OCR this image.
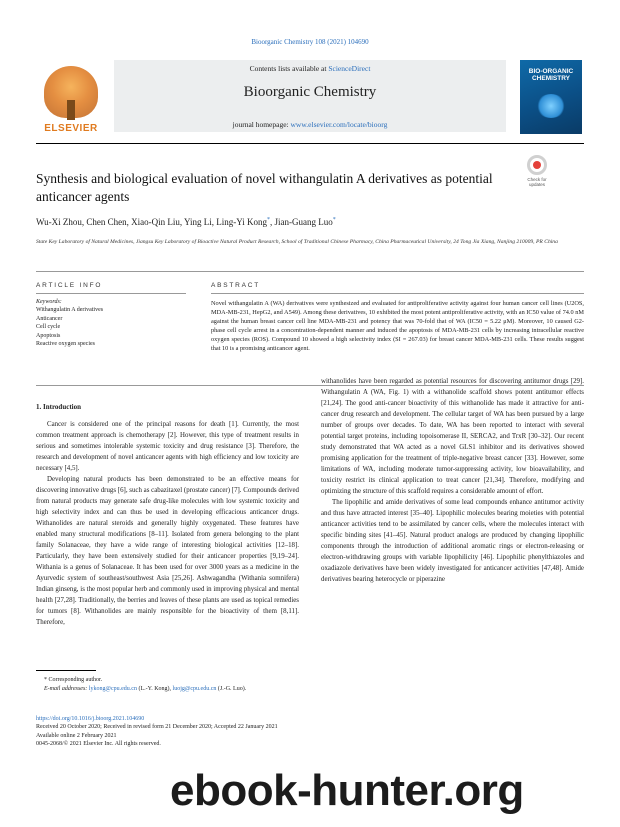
Bioorganic Chemistry 108 (2021) 104690
ELSEVIER
Contents lists available at ScienceDirect
Bioorganic Chemistry
journal homepage: www.elsevier.com/locate/bioorg
BIO-ORGANIC CHEMISTRY
Synthesis and biological evaluation of novel withangulatin A derivatives as potential anticancer agents
Check for updates
Wu-Xi Zhou, Chen Chen, Xiao-Qin Liu, Ying Li, Ling-Yi Kong*, Jian-Guang Luo*
State Key Laboratory of Natural Medicines, Jiangsu Key Laboratory of Bioactive Natural Product Research, School of Traditional Chinese Pharmacy, China Pharmaceutical University, 24 Tong Jia Xiang, Nanjing 210009, PR China
ARTICLE INFO	ABSTRACT
Keywords:
Withangulatin A derivatives
Anticancer
Cell cycle
Apoptosis
Reactive oxygen species
Novel withangulatin A (WA) derivatives were synthesized and evaluated for antiproliferative activity against four human cancer cell lines (U2OS, MDA-MB-231, HepG2, and A549). Among these derivatives, 10 exhibited the most potent antiproliferative activity, with an IC50 value of 74.0 nM against the human breast cancer cell line MDA-MB-231 and potency that was 70-fold that of WA (IC50 = 5.22 μM). Moreover, 10 caused G2-phase cell cycle arrest in a concentration-dependent manner and induced the apoptosis of MDA-MB-231 cells by increasing intracellular reactive oxygen species (ROS). Compound 10 showed a high selectivity index (SI = 267.03) for breast cancer MDA-MB-231 cells. These results suggest that 10 is a promising anticancer agent.

1. Introduction

Cancer is considered one of the principal reasons for death [1]. Currently, the most common treatment approach is chemotherapy [2]. However, this type of treatment results in serious and sometimes intolerable systemic toxicity and drug resistance [3]. Therefore, the research and development of novel anticancer agents with high efficiency and low toxicity are necessary [4,5].

Developing natural products has been demonstrated to be an effective means for discovering innovative drugs [6], such as cabazitaxel (prostate cancer) [7]. Compounds derived from natural products may generate safe drug-like molecules with low systemic toxicity and high selectivity index and can thus be used in developing efficacious anticancer drugs. Withanolides are natural steroids and generally highly oxygenated. These features have enabled many structural modifications [8–11]. Isolated from genera belonging to the plant family Solanaceae, they have a wide range of interesting biological activities [12–18]. Particularly, they have been extensively studied for their anticancer properties [9,19–24]. Withania is a genus of Solanaceae. It has been used for over 3000 years as a medicine in the Ayurvedic system of southeast/southwest Asia [25,26]. Ashwagandha (Withania somnifera) Indian ginseng, is the most popular herb and commonly used in improving physical and mental health [27,28]. Traditionally, the berries and leaves of these plants are used as topical remedies for tumors [8]. Withanolides are mainly responsible for the bioactivity of them [8,11]. Therefore,

withanolides have been regarded as potential resources for discovering antitumor drugs [29]. Withangulatin A (WA, Fig. 1) with a withanolide scaffold shows potent antitumor effects [21,24]. The good anti-cancer bioactivity of this withanolide has made it attractive for anti-cancer drug research and development. The cellular target of WA has been pursued by a large number of groups over decades. To date, WA has been reported to interact with several potential target proteins, including topoisomerase II, SERCA2, and TrxR [30–32]. Our recent study demonstrated that WA acted as a novel GLS1 inhibitor and its derivatives showed promising application for the treatment of triple-negative breast cancer [33]. However, some limitations of WA, including moderate tumor-suppressing activity, low bioavailability, and toxicity restrict its clinical application to treat cancer [21,34]. Therefore, modifying and optimizing the structure of this scaffold requires a considerable amount of effort.

The lipophilic and amide derivatives of some lead compounds enhance antitumor activity and thus have attracted interest [35–40]. Lipophilic molecules bearing moieties with potential anticancer activities tend to be assimilated by cancer cells, where the molecules interact with specific binding sites [41–45]. Natural product analogs are produced by changing lipophilic components through the introduction of additional aromatic rings or electron-releasing or electron-withdrawing groups with variable lipophilicity [46]. Lipophilic phenylthiazoles and oxadiazole derivatives have been widely investigated for anticancer activities [47,48]. Amide derivatives bearing heterocycle or piperazine

* Corresponding author.
E-mail addresses: lykong@cpu.edu.cn (L.-Y. Kong), luojg@cpu.edu.cn (J.-G. Luo).
https://doi.org/10.1016/j.bioorg.2021.104690
Received 20 October 2020; Received in revised form 21 December 2020; Accepted 22 January 2021
Available online 2 February 2021
0045-2068/© 2021 Elsevier Inc. All rights reserved.
ebook-hunter.org
